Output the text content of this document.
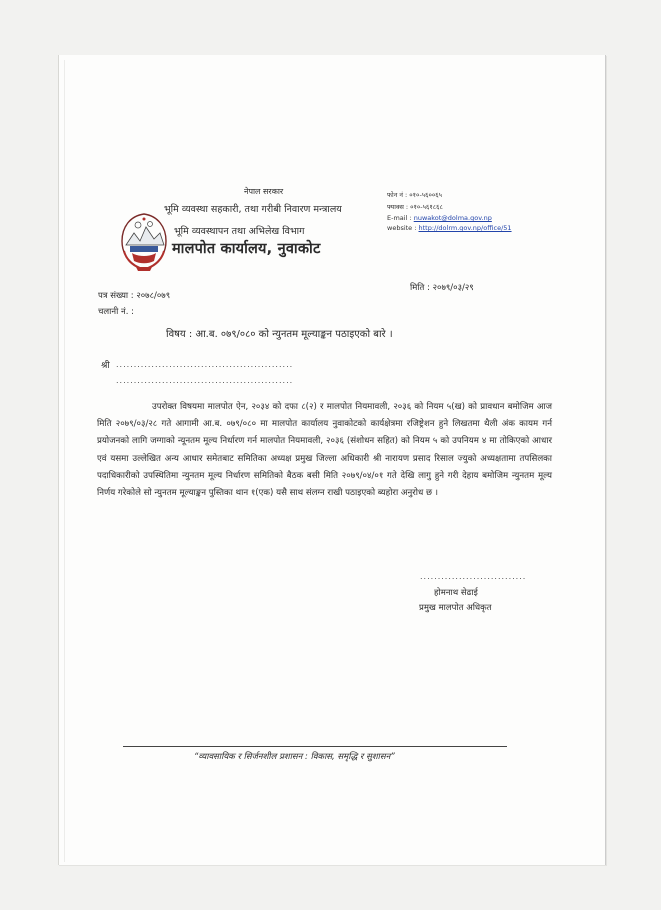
नेपाल सरकार
भूमि व्यवस्था सहकारी, तथा गरीबी निवारण मन्त्रालय
भूमि व्यवस्थापन तथा अभिलेख विभाग
मालपोत कार्यालय, नुवाकोट
फोन नं : ०१०-५६००६५
फ्याक्स : ०१०-५६१८६८
E-mail : nuwakot@dolma.gov.np
website : http://dolrm.gov.np/office/51
मिति : २०७९/०३/२९
पत्र संख्या : २०७८/०७९
चलानी नं. :
विषय : आ.ब. ०७९/०८० को न्युनतम मूल्याङ्कन पठाइएको बारे ।
श्री ..................................................
..................................................

उपरोक्त विषयमा मालपोत ऐन, २०३४ को दफा ८(२) र मालपोत नियमावली, २०३६ को नियम ५(ख) को प्रावधान बमोजिम आज मिति २०७९/०३/२८ गते आगामी आ.ब. ०७९/०८० मा मालपोत कार्यालय नुवाकोटको कार्यक्षेत्रमा रजिष्ट्रेशन हुने लिखतमा थैली अंक कायम गर्न प्रयोजनको लागि जग्गाको न्यूनतम मूल्य निर्धारण गर्न मालपोत नियमावली, २०३६ (संशोधन सहित) को नियम ५ को उपनियम ४ मा तोकिएको आधार एवं यसमा उल्लेखित अन्य आधार समेतबाट समितिका अध्यक्ष प्रमुख जिल्ला अधिकारी श्री नारायण प्रसाद रिसाल ज्युको अध्यक्षतामा तपसिलका पदाधिकारीको उपस्थितिमा न्युनतम मूल्य निर्धारण समितिको बैठक बसी मिति २०७९/०४/०१ गते देखि लागु हुने गरी देहाय बमोजिम न्युनतम मूल्य निर्णय गरेकोले सो न्युनतम मूल्याङ्कन पुस्तिका थान १(एक) यसै साथ संलग्न राखी पठाइएको ब्यहोरा अनुरोध छ ।

..............................
होमनाथ सेढाई
प्रमुख मालपोत अधिकृत
“व्यावसायिक र सिर्जनशील प्रशासन : विकास, समृद्धि र सुशासन”
